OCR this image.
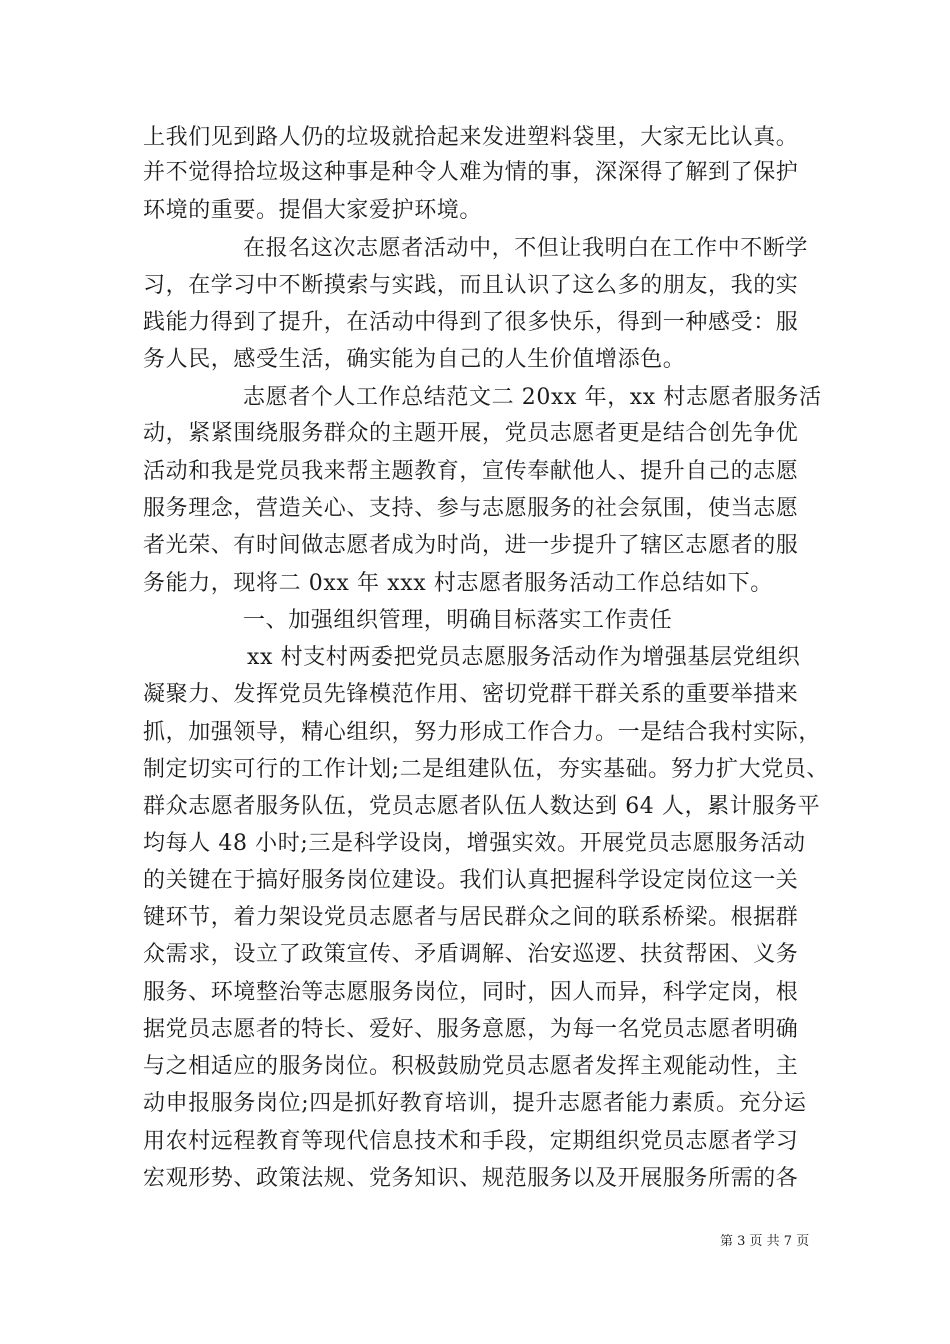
上我们见到路人仍的垃圾就拾起来发进塑料袋里，大家无比认真。
并不觉得拾垃圾这种事是种令人难为情的事，深深得了解到了保护
环境的重要。提倡大家爱护环境。
在报名这次志愿者活动中，不但让我明白在工作中不断学
习，在学习中不断摸索与实践，而且认识了这么多的朋友，我的实
践能力得到了提升，在活动中得到了很多快乐，得到一种感受：服
务人民，感受生活，确实能为自己的人生价值增添色。
志愿者个人工作总结范文二 20xx 年，xx 村志愿者服务活
动，紧紧围绕服务群众的主题开展，党员志愿者更是结合创先争优
活动和我是党员我来帮主题教育，宣传奉献他人、提升自己的志愿
服务理念，营造关心、支持、参与志愿服务的社会氛围，使当志愿
者光荣、有时间做志愿者成为时尚，进一步提升了辖区志愿者的服
务能力，现将二 0xx 年 xxx 村志愿者服务活动工作总结如下。
一、加强组织管理，明确目标落实工作责任
xx 村支村两委把党员志愿服务活动作为增强基层党组织
凝聚力、发挥党员先锋模范作用、密切党群干群关系的重要举措来
抓，加强领导，精心组织，努力形成工作合力。一是结合我村实际，
制定切实可行的工作计划;二是组建队伍，夯实基础。努力扩大党员、
群众志愿者服务队伍，党员志愿者队伍人数达到 64 人，累计服务平
均每人 48 小时;三是科学设岗，增强实效。开展党员志愿服务活动
的关键在于搞好服务岗位建设。我们认真把握科学设定岗位这一关
键环节，着力架设党员志愿者与居民群众之间的联系桥梁。根据群
众需求，设立了政策宣传、矛盾调解、治安巡逻、扶贫帮困、义务
服务、环境整治等志愿服务岗位，同时，因人而异，科学定岗，根
据党员志愿者的特长、爱好、服务意愿，为每一名党员志愿者明确
与之相适应的服务岗位。积极鼓励党员志愿者发挥主观能动性，主
动申报服务岗位;四是抓好教育培训，提升志愿者能力素质。充分运
用农村远程教育等现代信息技术和手段，定期组织党员志愿者学习
宏观形势、政策法规、党务知识、规范服务以及开展服务所需的各
第 3 页 共 7 页
